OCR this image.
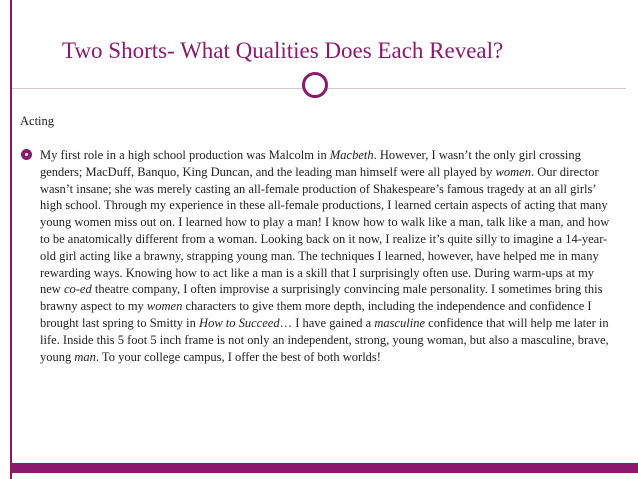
Two Shorts- What Qualities Does Each Reveal?
Acting

My first role in a high school production was Malcolm in Macbeth. However, I wasn’t the only girl crossing genders; MacDuff, Banquo, King Duncan, and the leading man himself were all played by women. Our director wasn’t insane; she was merely casting an all-female production of Shakespeare’s famous tragedy at an all girls’ high school. Through my experience in these all-female productions, I learned certain aspects of acting that many young women miss out on. I learned how to play a man! I know how to walk like a man, talk like a man, and how to be anatomically different from a woman. Looking back on it now, I realize it’s quite silly to imagine a 14-year-old girl acting like a brawny, strapping young man. The techniques I learned, however, have helped me in many rewarding ways. Knowing how to act like a man is a skill that I surprisingly often use. During warm-ups at my new co-ed theatre company, I often improvise a surprisingly convincing male personality. I sometimes bring this brawny aspect to my women characters to give them more depth, including the independence and confidence I brought last spring to Smitty in How to Succeed… I have gained a masculine confidence that will help me later in life. Inside this 5 foot 5 inch frame is not only an independent, strong, young woman, but also a masculine, brave, young man. To your college campus, I offer the best of both worlds!
